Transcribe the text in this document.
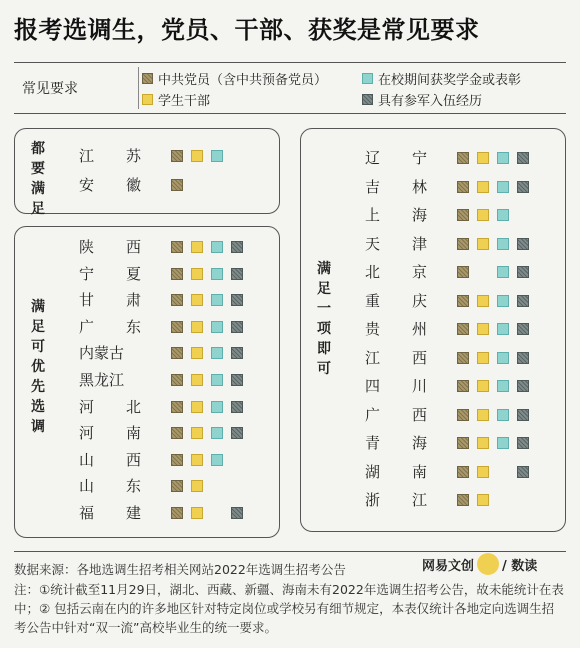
报考选调生，党员、干部、获奖是常见要求
常见要求
中共党员（含中共预备党员）	在校期间获奖学金或表彰
学生干部	具有参军入伍经历
都要满足
江 苏
安 徽
满足可优先选调
陕 西
宁 夏
甘 肃
广 东
内蒙古
黑龙江
河 北
河 南
山 西
山 东
福 建
满足一项即可
辽 宁
吉 林
上 海
天 津
北 京
重 庆
贵 州
江 西
四 川
广 西
青 海
湖 南
浙 江
数据来源：各地选调生招考相关网站2022年选调生招考公告
注：①统计截至11月29日，湖北、西藏、新疆、海南未有2022年选调生招考公告，故未能统计在表中；② 包括云南在内的许多地区针对特定岗位或学校另有细节规定，本表仅统计各地定向选调生招考公告中针对“双一流”高校毕业生的统一要求。
网易文创 / 数读
